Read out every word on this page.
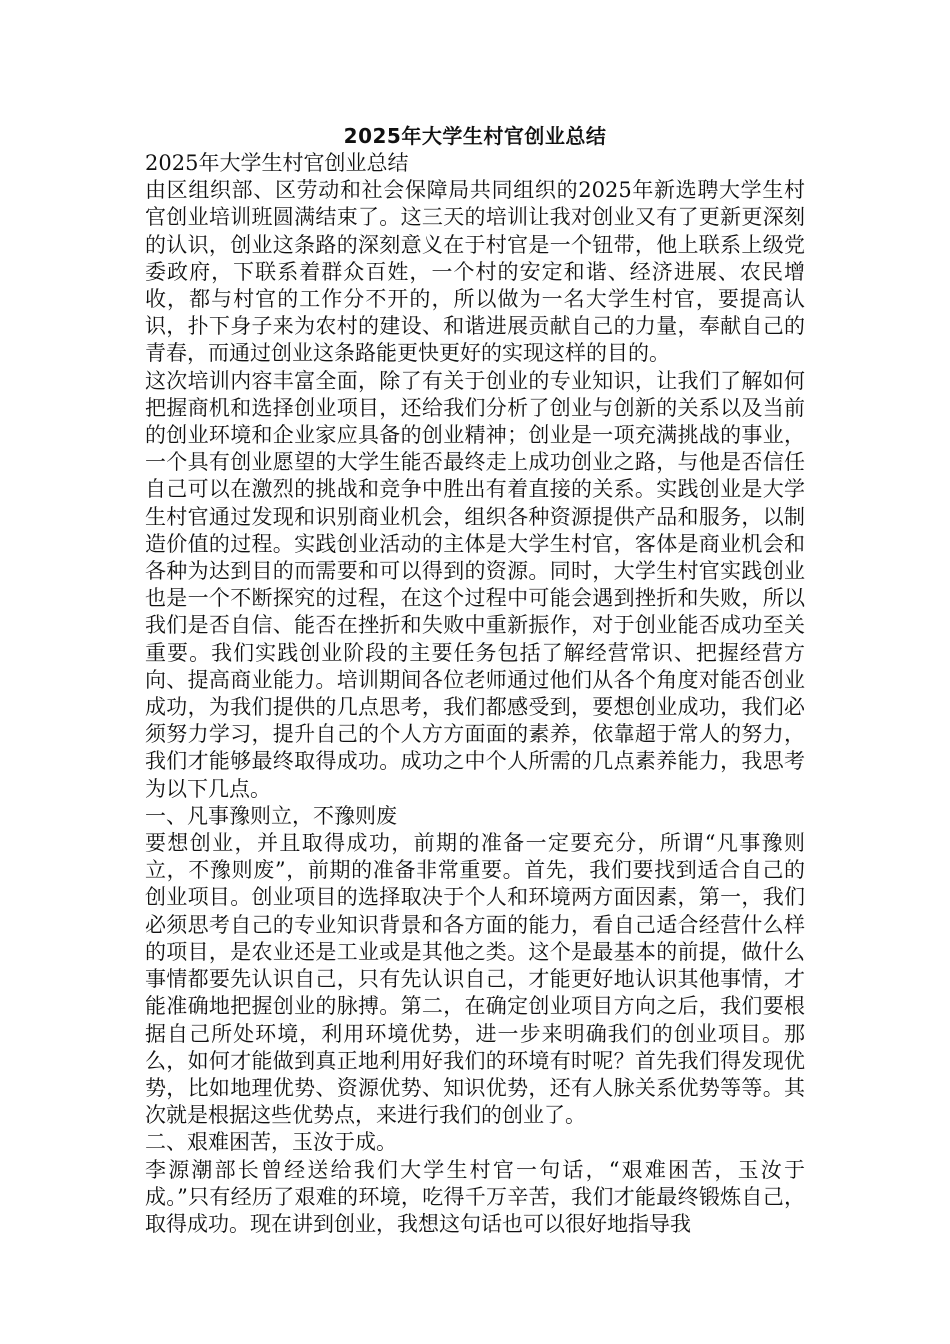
2025年大学生村官创业总结

2025年大学生村官创业总结

由区组织部、区劳动和社会保障局共同组织的2025年新选聘大学生村官创业培训班圆满结束了。这三天的培训让我对创业又有了更新更深刻的认识，创业这条路的深刻意义在于村官是一个钮带，他上联系上级党委政府，下联系着群众百姓，一个村的安定和谐、经济进展、农民增收，都与村官的工作分不开的，所以做为一名大学生村官，要提高认识，扑下身子来为农村的建设、和谐进展贡献自己的力量，奉献自己的青春，而通过创业这条路能更快更好的实现这样的目的。

这次培训内容丰富全面，除了有关于创业的专业知识，让我们了解如何把握商机和选择创业项目，还给我们分析了创业与创新的关系以及当前的创业环境和企业家应具备的创业精神；创业是一项充满挑战的事业，一个具有创业愿望的大学生能否最终走上成功创业之路，与他是否信任自己可以在激烈的挑战和竞争中胜出有着直接的关系。实践创业是大学生村官通过发现和识别商业机会，组织各种资源提供产品和服务，以制造价值的过程。实践创业活动的主体是大学生村官，客体是商业机会和各种为达到目的而需要和可以得到的资源。同时，大学生村官实践创业也是一个不断探究的过程，在这个过程中可能会遇到挫折和失败，所以我们是否自信、能否在挫折和失败中重新振作，对于创业能否成功至关重要。我们实践创业阶段的主要任务包括了解经营常识、把握经营方向、提高商业能力。培训期间各位老师通过他们从各个角度对能否创业成功，为我们提供的几点思考，我们都感受到，要想创业成功，我们必须努力学习，提升自己的个人方方面面的素养，依靠超于常人的努力，我们才能够最终取得成功。成功之中个人所需的几点素养能力，我思考为以下几点。

一、凡事豫则立，不豫则废

要想创业，并且取得成功，前期的准备一定要充分，所谓“凡事豫则立，不豫则废”，前期的准备非常重要。首先，我们要找到适合自己的创业项目。创业项目的选择取决于个人和环境两方面因素，第一，我们必须思考自己的专业知识背景和各方面的能力，看自己适合经营什么样的项目，是农业还是工业或是其他之类。这个是最基本的前提，做什么事情都要先认识自己，只有先认识自己，才能更好地认识其他事情，才能准确地把握创业的脉搏。第二，在确定创业项目方向之后，我们要根据自己所处环境，利用环境优势，进一步来明确我们的创业项目。那么，如何才能做到真正地利用好我们的环境有时呢？首先我们得发现优势，比如地理优势、资源优势、知识优势，还有人脉关系优势等等。其次就是根据这些优势点，来进行我们的创业了。

二、艰难困苦，玉汝于成。

李源潮部长曾经送给我们大学生村官一句话，“艰难困苦，玉汝于成。”只有经历了艰难的环境，吃得千万辛苦，我们才能最终锻炼自己，取得成功。现在讲到创业，我想这句话也可以很好地指导我
